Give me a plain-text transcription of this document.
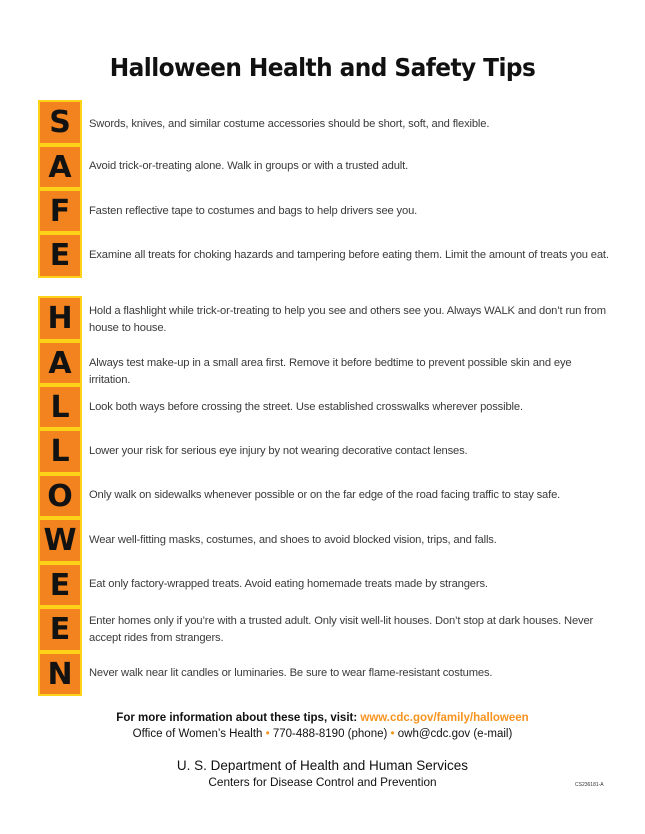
Halloween Health and Safety Tips
S
A
F
E
Swords, knives, and similar costume accessories should be short, soft, and flexible.
Avoid trick-or-treating alone. Walk in groups or with a trusted adult.
Fasten reflective tape to costumes and bags to help drivers see you.
Examine all treats for choking hazards and tampering before eating them. Limit the amount of treats you eat.
H
A
L
L
O
W
E
E
N
Hold a flashlight while trick-or-treating to help you see and others see you. Always WALK and don’t run from house to house.
Always test make-up in a small area first. Remove it before bedtime to prevent possible skin and eye irritation.
Look both ways before crossing the street. Use established crosswalks wherever possible.
Lower your risk for serious eye injury by not wearing decorative contact lenses.
Only walk on sidewalks whenever possible or on the far edge of the road facing traffic to stay safe.
Wear well-fitting masks, costumes, and shoes to avoid blocked vision, trips, and falls.
Eat only factory-wrapped treats. Avoid eating homemade treats made by strangers.
Enter homes only if you’re with a trusted adult. Only visit well-lit houses. Don’t stop at dark houses. Never accept rides from strangers.
Never walk near lit candles or luminaries. Be sure to wear flame-resistant costumes.
For more information about these tips, visit: www.cdc.gov/family/halloween
Office of Women’s Health • 770-488-8190 (phone) • owh@cdc.gov (e-mail)
U. S. Department of Health and Human Services
Centers for Disease Control and Prevention	CS236181-A
